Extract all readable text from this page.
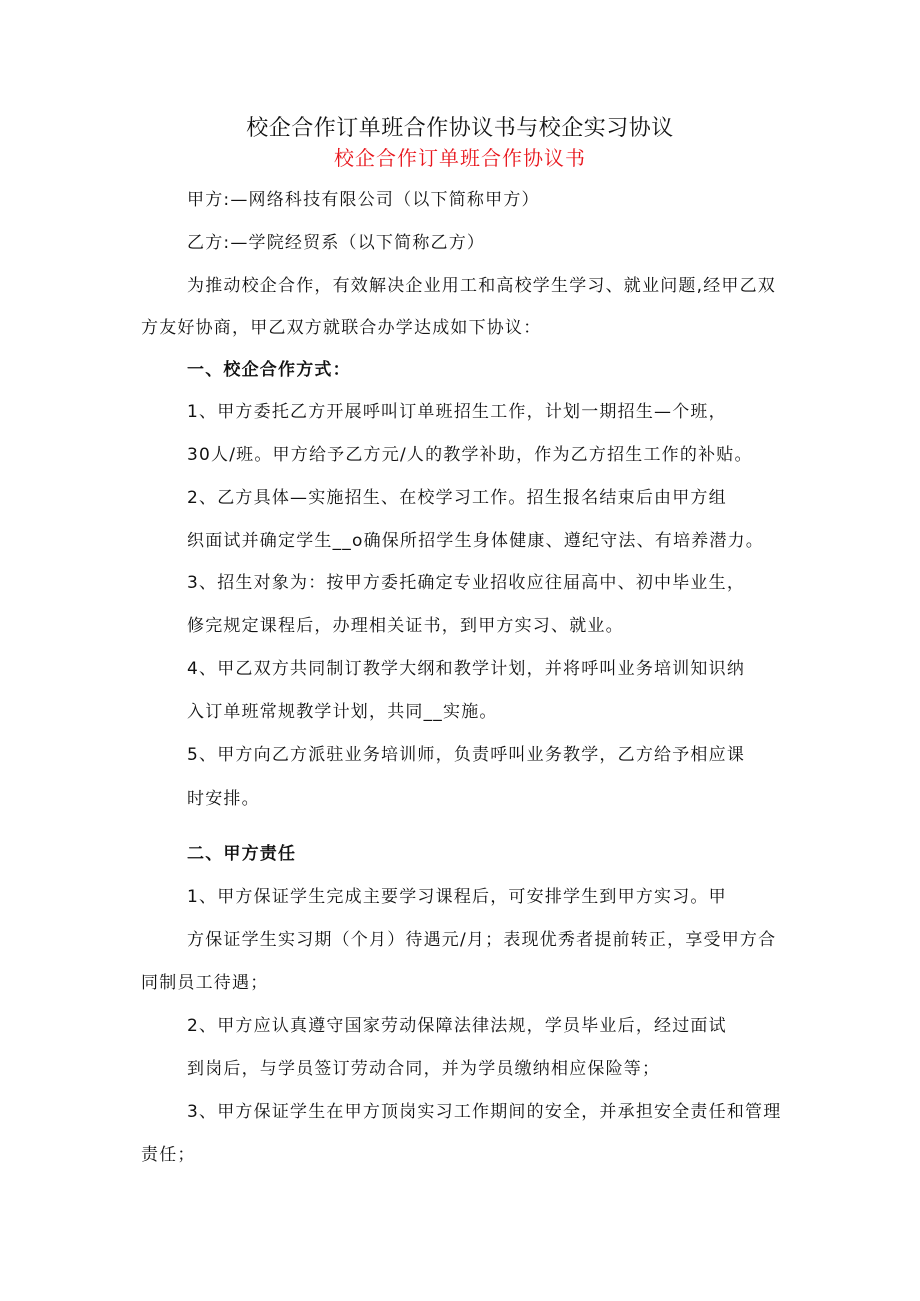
校企合作订单班合作协议书与校企实习协议
校企合作订单班合作协议书
甲方:—网络科技有限公司（以下简称甲方）
乙方:—学院经贸系（以下简称乙方）
为推动校企合作，有效解决企业用工和高校学生学习、就业问题,经甲乙双
方友好协商，甲乙双方就联合办学达成如下协议：
一、校企合作方式：
1、甲方委托乙方开展呼叫订单班招生工作，计划一期招生—个班，
30人/班。甲方给予乙方元/人的教学补助，作为乙方招生工作的补贴。
2、乙方具体—实施招生、在校学习工作。招生报名结束后由甲方组
织面试并确定学生__o确保所招学生身体健康、遵纪守法、有培养潜力。
3、招生对象为：按甲方委托确定专业招收应往届高中、初中毕业生，
修完规定课程后，办理相关证书，到甲方实习、就业。
4、甲乙双方共同制订教学大纲和教学计划，并将呼叫业务培训知识纳
入订单班常规教学计划，共同__实施。
5、甲方向乙方派驻业务培训师，负责呼叫业务教学，乙方给予相应课
时安排。
二、甲方责任
1、甲方保证学生完成主要学习课程后，可安排学生到甲方实习。甲
方保证学生实习期（个月）待遇元/月；表现优秀者提前转正，享受甲方合
同制员工待遇；
2、甲方应认真遵守国家劳动保障法律法规，学员毕业后，经过面试
到岗后，与学员签订劳动合同，并为学员缴纳相应保险等；
3、甲方保证学生在甲方顶岗实习工作期间的安全，并承担安全责任和管理
责任；
